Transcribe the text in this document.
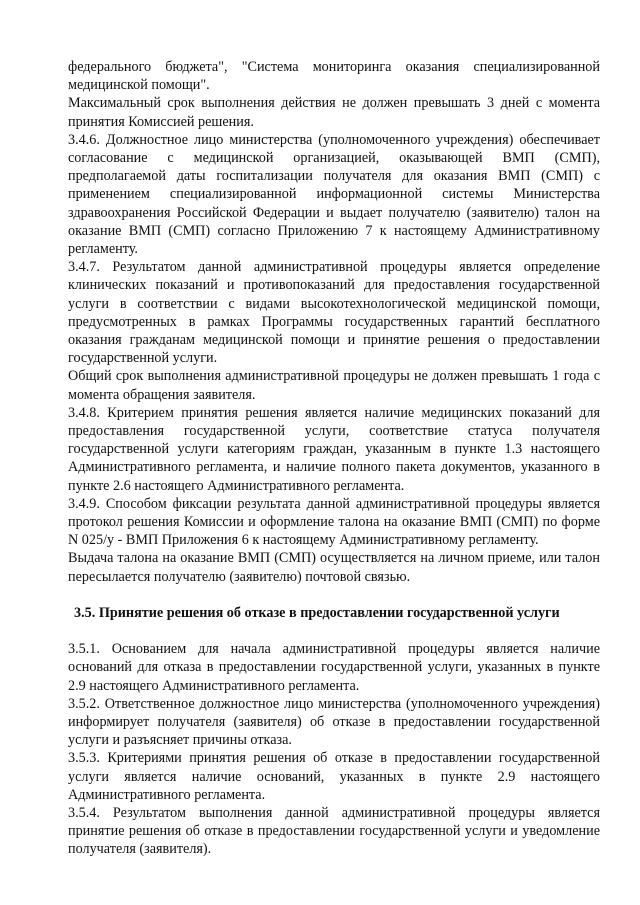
федерального бюджета", "Система мониторинга оказания специализированной медицинской помощи".

Максимальный срок выполнения действия не должен превышать 3 дней с момента принятия Комиссией решения.

3.4.6. Должностное лицо министерства (уполномоченного учреждения) обеспечивает согласование с медицинской организацией, оказывающей ВМП (СМП), предполагаемой даты госпитализации получателя для оказания ВМП (СМП) с применением специализированной информационной системы Министерства здравоохранения Российской Федерации и выдает получателю (заявителю) талон на оказание ВМП (СМП) согласно Приложению 7 к настоящему Административному регламенту.

3.4.7. Результатом данной административной процедуры является определение клинических показаний и противопоказаний для предоставления государственной услуги в соответствии с видами высокотехнологической медицинской помощи, предусмотренных в рамках Программы государственных гарантий бесплатного оказания гражданам медицинской помощи и принятие решения о предоставлении государственной услуги.

Общий срок выполнения административной процедуры не должен превышать 1 года с момента обращения заявителя.

3.4.8. Критерием принятия решения является наличие медицинских показаний для предоставления государственной услуги, соответствие статуса получателя государственной услуги категориям граждан, указанным в пункте 1.3 настоящего Административного регламента, и наличие полного пакета документов, указанного в пункте 2.6 настоящего Административного регламента.

3.4.9. Способом фиксации результата данной административной процедуры является протокол решения Комиссии и оформление талона на оказание ВМП (СМП) по форме N 025/у - ВМП Приложения 6 к настоящему Административному регламенту.

Выдача талона на оказание ВМП (СМП) осуществляется на личном приеме, или талон пересылается получателю (заявителю) почтовой связью.

3.5. Принятие решения об отказе в предоставлении государственной услуги

3.5.1. Основанием для начала административной процедуры является наличие оснований для отказа в предоставлении государственной услуги, указанных в пункте 2.9 настоящего Административного регламента.

3.5.2. Ответственное должностное лицо министерства (уполномоченного учреждения) информирует получателя (заявителя) об отказе в предоставлении государственной услуги и разъясняет причины отказа.

3.5.3. Критериями принятия решения об отказе в предоставлении государственной услуги является наличие оснований, указанных в пункте 2.9 настоящего Административного регламента.

3.5.4. Результатом выполнения данной административной процедуры является принятие решения об отказе в предоставлении государственной услуги и уведомление получателя (заявителя).
